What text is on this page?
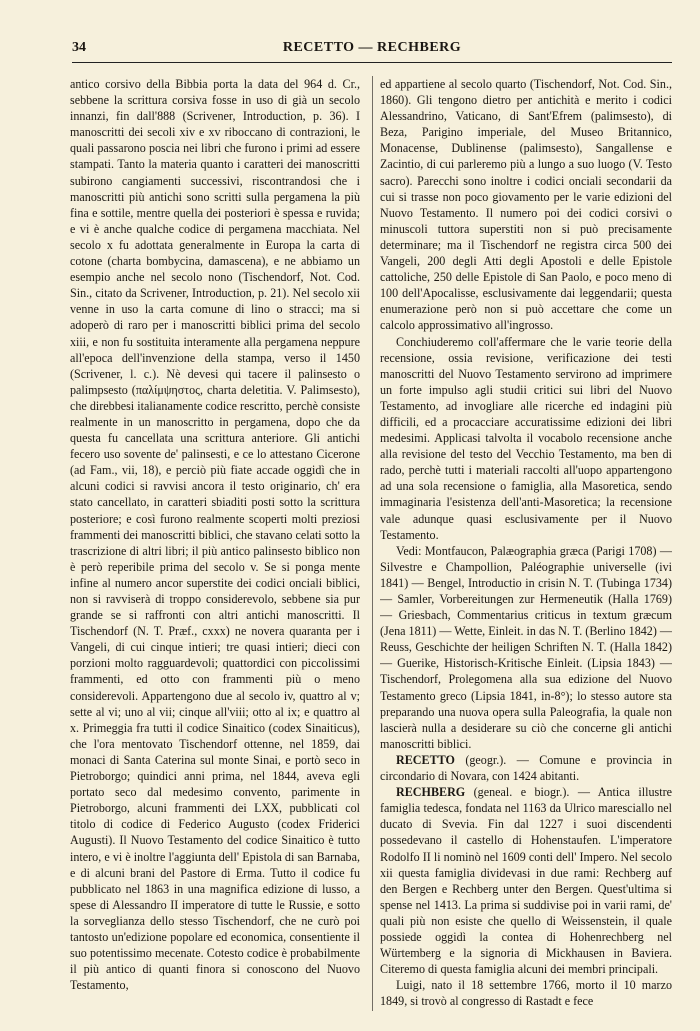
34	RECETTO — RECHBERG

antico corsivo della Bibbia porta la data del 964 d. Cr., sebbene la scrittura corsiva fosse in uso di già un secolo innanzi, fin dall'888 (Scrivener, Introduction, p. 36). I manoscritti dei secoli xiv e xv riboccano di contrazioni, le quali passarono poscia nei libri che furono i primi ad essere stampati. Tanto la materia quanto i caratteri dei manoscritti subirono cangiamenti successivi, riscontrandosi che i manoscritti più antichi sono scritti sulla pergamena la più fina e sottile, mentre quella dei posteriori è spessa e ruvida; e vi è anche qualche codice di pergamena macchiata. Nel secolo x fu adottata generalmente in Europa la carta di cotone (charta bombycina, damascena), e ne abbiamo un esempio anche nel secolo nono (Tischendorf, Not. Cod. Sin., citato da Scrivener, Introduction, p. 21). Nel secolo xii venne in uso la carta comune di lino o stracci; ma si adoperò di raro per i manoscritti biblici prima del secolo xiii, e non fu sostituita interamente alla pergamena neppure all'epoca dell'invenzione della stampa, verso il 1450 (Scrivener, l. c.). Nè devesi qui tacere il palinsesto o palimpsesto (παλίμψηστος, charta deletitia. V. Palimsesto), che direbbesi italianamente codice rescritto, perchè consiste realmente in un manoscritto in pergamena, dopo che da questa fu cancellata una scrittura anteriore. Gli antichi fecero uso sovente de' palinsesti, e ce lo attestano Cicerone (ad Fam., vii, 18), e perciò più fiate accade oggidì che in alcuni codici si ravvisi ancora il testo originario, ch' era stato cancellato, in caratteri sbiaditi posti sotto la scrittura posteriore; e così furono realmente scoperti molti preziosi frammenti dei manoscritti biblici, che stavano celati sotto la trascrizione di altri libri; il più antico palinsesto biblico non è però reperibile prima del secolo v. Se si ponga mente infine al numero ancor superstite dei codici onciali biblici, non si ravviserà di troppo considerevolo, sebbene sia pur grande se si raffronti con altri antichi manoscritti. Il Tischendorf (N. T. Præf., cxxx) ne novera quaranta per i Vangeli, di cui cinque intieri; tre quasi intieri; dieci con porzioni molto ragguardevoli; quattordici con piccolissimi frammenti, ed otto con frammenti più o meno considerevoli. Appartengono due al secolo iv, quattro al v; sette al vi; uno al vii; cinque all'viii; otto al ix; e quattro al x. Primeggia fra tutti il codice Sinaitico (codex Sinaiticus), che l'ora mentovato Tischendorf ottenne, nel 1859, dai monaci di Santa Caterina sul monte Sinai, e portò seco in Pietroborgo; quindici anni prima, nel 1844, aveva egli portato seco dal medesimo convento, parimente in Pietroborgo, alcuni frammenti dei LXX, pubblicati col titolo di codice di Federico Augusto (codex Friderici Augusti). Il Nuovo Testamento del codice Sinaitico è tutto intero, e vi è inoltre l'aggiunta dell' Epistola di san Barnaba, e di alcuni brani del Pastore di Erma. Tutto il codice fu pubblicato nel 1863 in una magnifica edizione di lusso, a spese di Alessandro II imperatore di tutte le Russie, e sotto la sorveglianza dello stesso Tischendorf, che ne curò poi tantosto un'edizione popolare ed economica, consentiente il suo potentissimo mecenate. Cotesto codice è probabilmente il più antico di quanti finora si conoscono del Nuovo Testamento,

ed appartiene al secolo quarto (Tischendorf, Not. Cod. Sin., 1860). Gli tengono dietro per antichità e merito i codici Alessandrino, Vaticano, di Sant'Efrem (palimsesto), di Beza, Parigino imperiale, del Museo Britannico, Monacense, Dublinense (palimsesto), Sangallense e Zacintio, di cui parleremo più a lungo a suo luogo (V. Testo sacro). Parecchi sono inoltre i codici onciali secondarii da cui si trasse non poco giovamento per le varie edizioni del Nuovo Testamento. Il numero poi dei codici corsivi o minuscoli tuttora superstiti non si può precisamente determinare; ma il Tischendorf ne registra circa 500 dei Vangeli, 200 degli Atti degli Apostoli e delle Epistole cattoliche, 250 delle Epistole di San Paolo, e poco meno di 100 dell'Apocalisse, esclusivamente dai leggendarii; questa enumerazione però non si può accettare che come un calcolo approssimativo all'ingrosso.

Conchiuderemo coll'affermare che le varie teorie della recensione, ossia revisione, verificazione dei testi manoscritti del Nuovo Testamento servirono ad imprimere un forte impulso agli studii critici sui libri del Nuovo Testamento, ad invogliare alle ricerche ed indagini più difficili, ed a procacciare accuratissime edizioni dei libri medesimi. Applicasi talvolta il vocabolo recensione anche alla revisione del testo del Vecchio Testamento, ma ben di rado, perchè tutti i materiali raccolti all'uopo appartengono ad una sola recensione o famiglia, alla Masoretica, sendo immaginaria l'esistenza dell'anti-Masoretica; la recensione vale adunque quasi esclusivamente per il Nuovo Testamento.

Vedi: Montfaucon, Palæographia græca (Parigi 1708) — Silvestre e Champollion, Paléographie universelle (ivi 1841) — Bengel, Introductio in crisin N. T. (Tubinga 1734) — Samler, Vorbereitungen zur Hermeneutik (Halla 1769) — Griesbach, Commentarius criticus in textum græcum (Jena 1811) — Wette, Einleit. in das N. T. (Berlino 1842) — Reuss, Geschichte der heiligen Schriften N. T. (Halla 1842) — Guerike, Historisch-Kritische Einleit. (Lipsia 1843) — Tischendorf, Prolegomena alla sua edizione del Nuovo Testamento greco (Lipsia 1841, in-8°); lo stesso autore sta preparando una nuova opera sulla Paleografia, la quale non lascierà nulla a desiderare su ciò che concerne gli antichi manoscritti biblici.

RECETTO (geogr.). — Comune e provincia in circondario di Novara, con 1424 abitanti.

RECHBERG (geneal. e biogr.). — Antica illustre famiglia tedesca, fondata nel 1163 da Ulrico maresciallo nel ducato di Svevia. Fin dal 1227 i suoi discendenti possedevano il castello di Hohenstaufen. L'imperatore Rodolfo II li nominò nel 1609 conti dell' Impero. Nel secolo xii questa famiglia dividevasi in due rami: Rechberg auf den Bergen e Rechberg unter den Bergen. Quest'ultima si spense nel 1413. La prima si suddivise poi in varii rami, de' quali più non esiste che quello di Weissenstein, il quale possiede oggidì la contea di Hohenrechberg nel Würtemberg e la signoria di Mickhausen in Baviera. Citeremo di questa famiglia alcuni dei membri principali.

Luigi, nato il 18 settembre 1766, morto il 10 marzo 1849, si trovò al congresso di Rastadt e fece
